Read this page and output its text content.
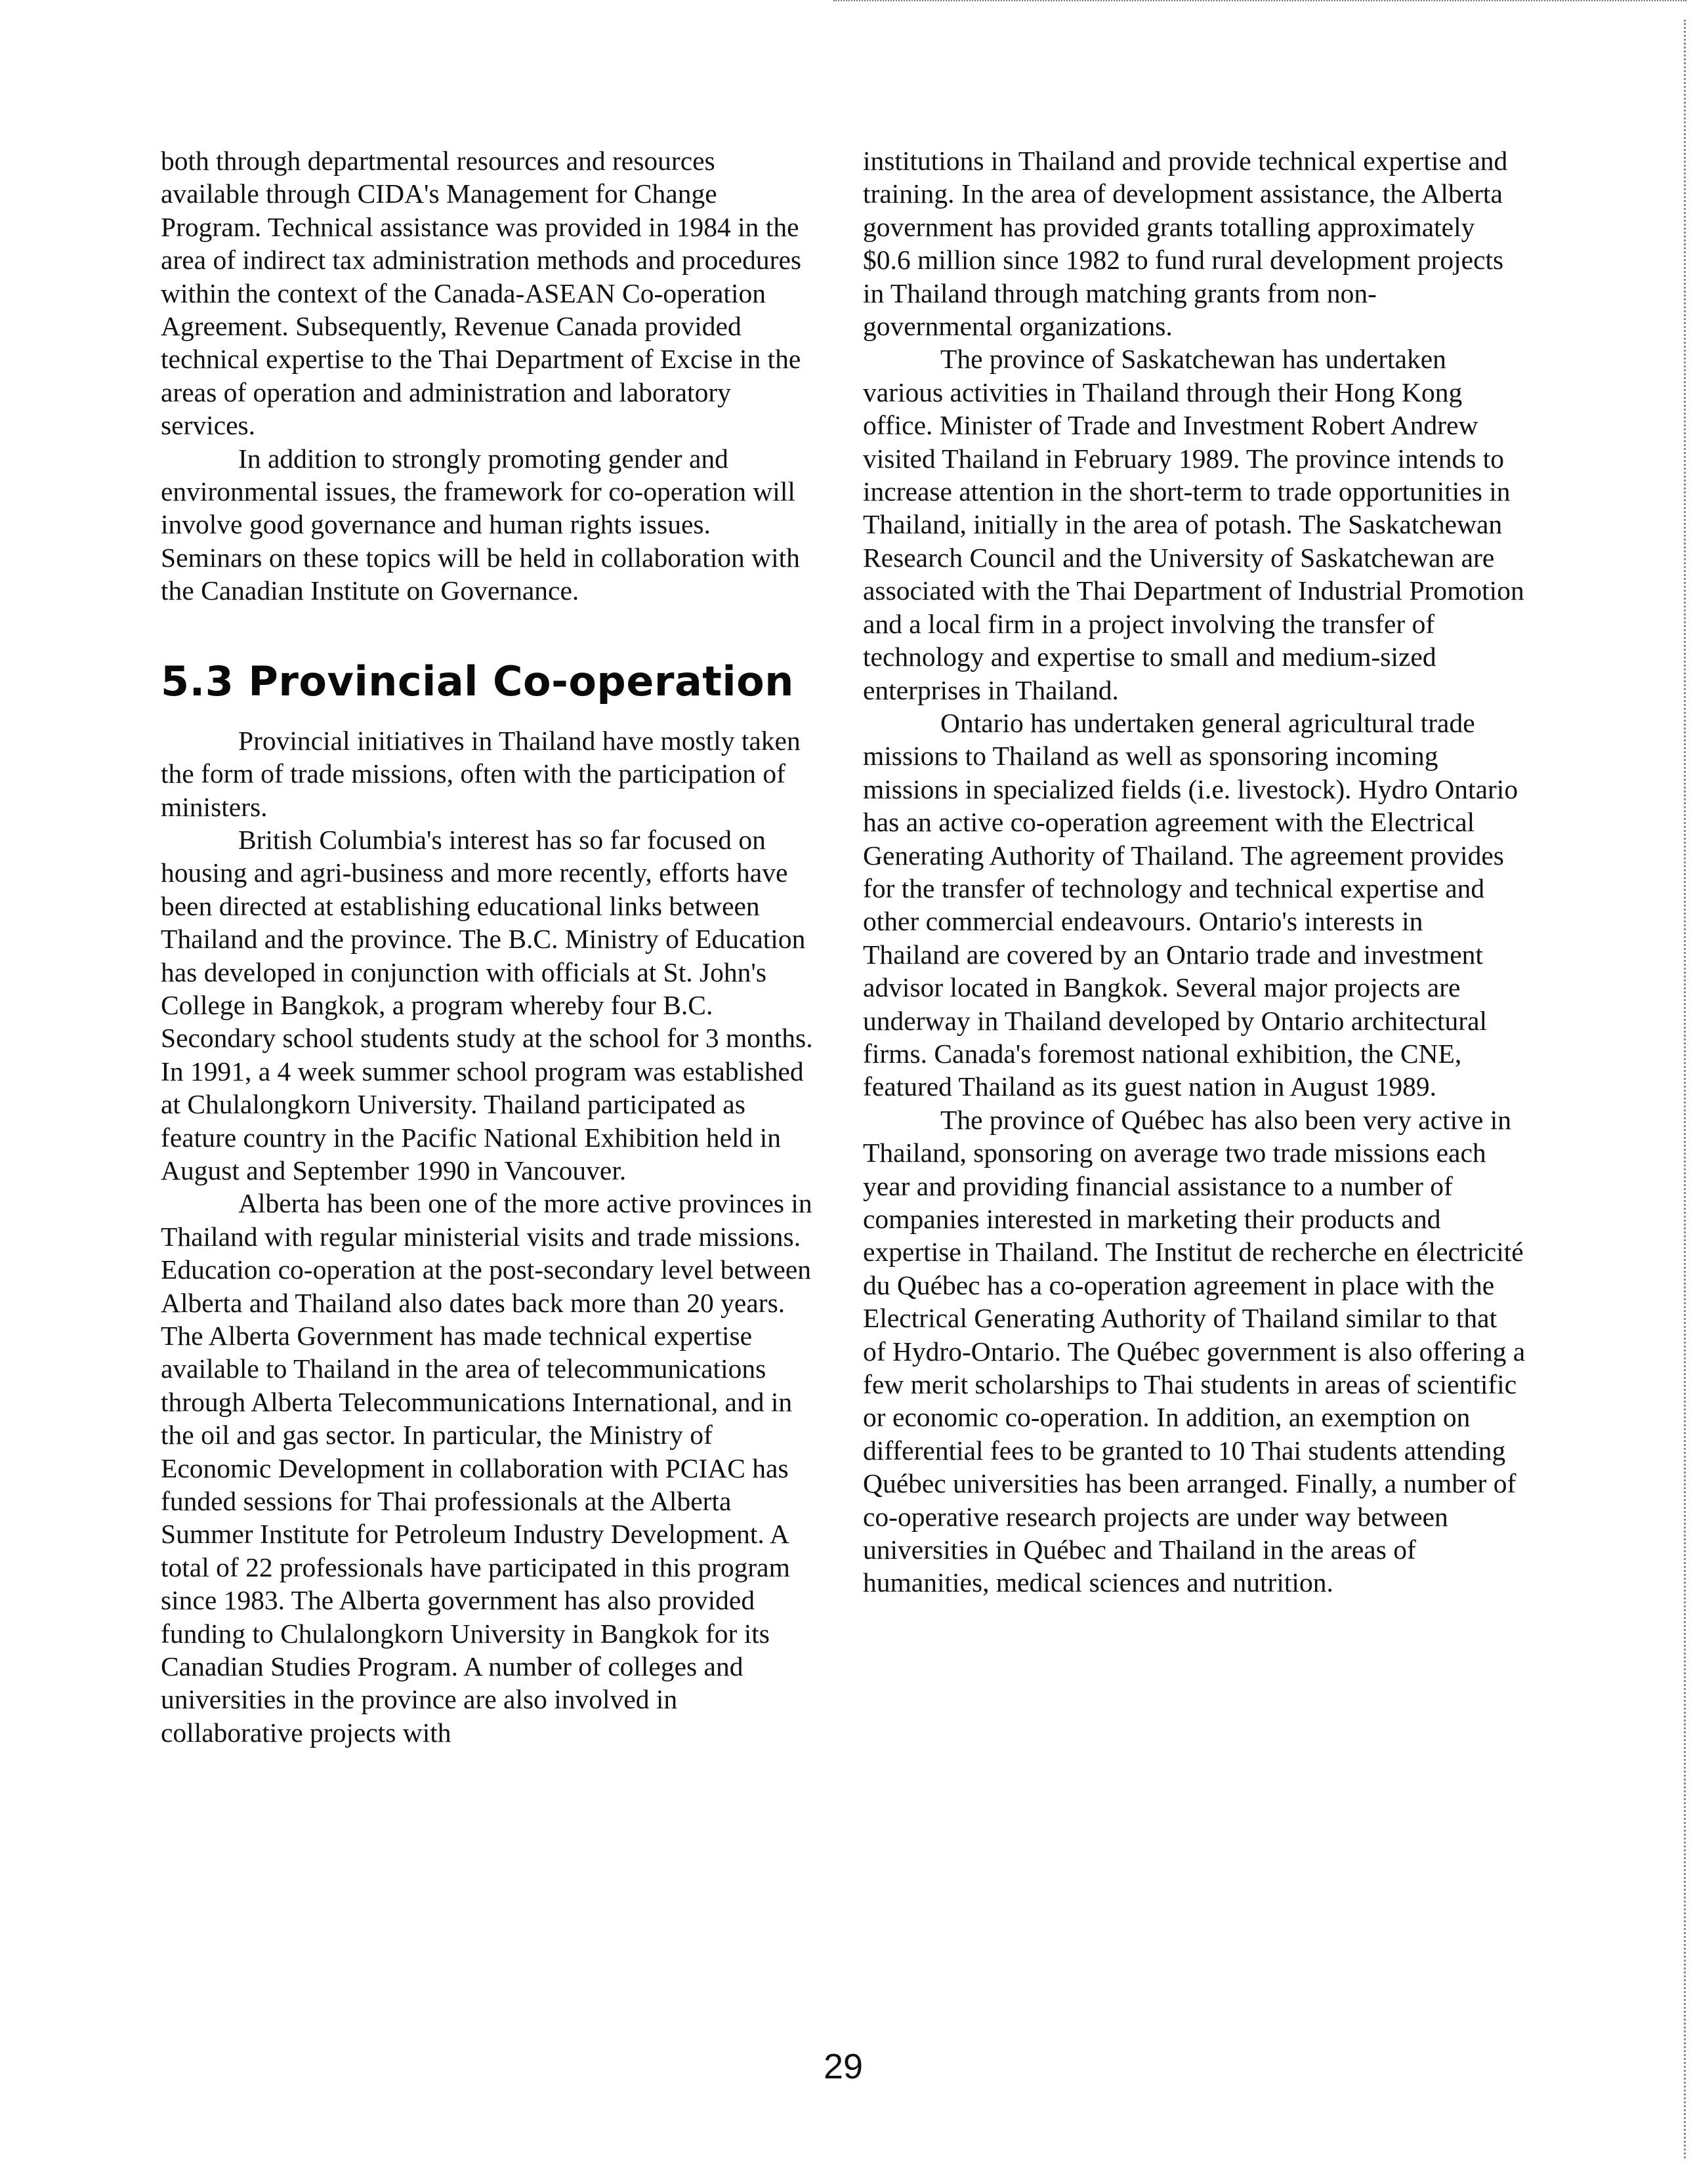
both through departmental resources and resources available through CIDA's Management for Change Program. Technical assistance was provided in 1984 in the area of indirect tax administration methods and procedures within the context of the Canada-ASEAN Co-operation Agreement. Subsequently, Revenue Canada provided technical expertise to the Thai Department of Excise in the areas of operation and administration and laboratory services.

In addition to strongly promoting gender and environmental issues, the framework for co-operation will involve good governance and human rights issues. Seminars on these topics will be held in collaboration with the Canadian Institute on Governance.

5.3 Provincial Co-operation

Provincial initiatives in Thailand have mostly taken the form of trade missions, often with the participation of ministers.

British Columbia's interest has so far focused on housing and agri-business and more recently, efforts have been directed at establishing educational links between Thailand and the province. The B.C. Ministry of Education has developed in conjunction with officials at St. John's College in Bangkok, a program whereby four B.C. Secondary school students study at the school for 3 months. In 1991, a 4 week summer school program was established at Chulalongkorn University. Thailand participated as feature country in the Pacific National Exhibition held in August and September 1990 in Vancouver.

Alberta has been one of the more active provinces in Thailand with regular ministerial visits and trade missions. Education co-operation at the post-secondary level between Alberta and Thailand also dates back more than 20 years. The Alberta Government has made technical expertise available to Thailand in the area of telecommunications through Alberta Telecommunications International, and in the oil and gas sector. In particular, the Ministry of Economic Development in collaboration with PCIAC has funded sessions for Thai professionals at the Alberta Summer Institute for Petroleum Industry Development. A total of 22 professionals have participated in this program since 1983. The Alberta government has also provided funding to Chulalongkorn University in Bangkok for its Canadian Studies Program. A number of colleges and universities in the province are also involved in collaborative projects with

institutions in Thailand and provide technical expertise and training. In the area of development assistance, the Alberta government has provided grants totalling approximately $0.6 million since 1982 to fund rural development projects in Thailand through matching grants from non-governmental organizations.

The province of Saskatchewan has undertaken various activities in Thailand through their Hong Kong office. Minister of Trade and Investment Robert Andrew visited Thailand in February 1989. The province intends to increase attention in the short-term to trade opportunities in Thailand, initially in the area of potash. The Saskatchewan Research Council and the University of Saskatchewan are associated with the Thai Department of Industrial Promotion and a local firm in a project involving the transfer of technology and expertise to small and medium-sized enterprises in Thailand.

Ontario has undertaken general agricultural trade missions to Thailand as well as sponsoring incoming missions in specialized fields (i.e. livestock). Hydro Ontario has an active co-operation agreement with the Electrical Generating Authority of Thailand. The agreement provides for the transfer of technology and technical expertise and other commercial endeavours. Ontario's interests in Thailand are covered by an Ontario trade and investment advisor located in Bangkok. Several major projects are underway in Thailand developed by Ontario architectural firms. Canada's foremost national exhibition, the CNE, featured Thailand as its guest nation in August 1989.

The province of Québec has also been very active in Thailand, sponsoring on average two trade missions each year and providing financial assistance to a number of companies interested in marketing their products and expertise in Thailand. The Institut de recherche en électricité du Québec has a co-operation agreement in place with the Electrical Generating Authority of Thailand similar to that of Hydro-Ontario. The Québec government is also offering a few merit scholarships to Thai students in areas of scientific or economic co-operation. In addition, an exemption on differential fees to be granted to 10 Thai students attending Québec universities has been arranged. Finally, a number of co-operative research projects are under way between universities in Québec and Thailand in the areas of humanities, medical sciences and nutrition.

29
